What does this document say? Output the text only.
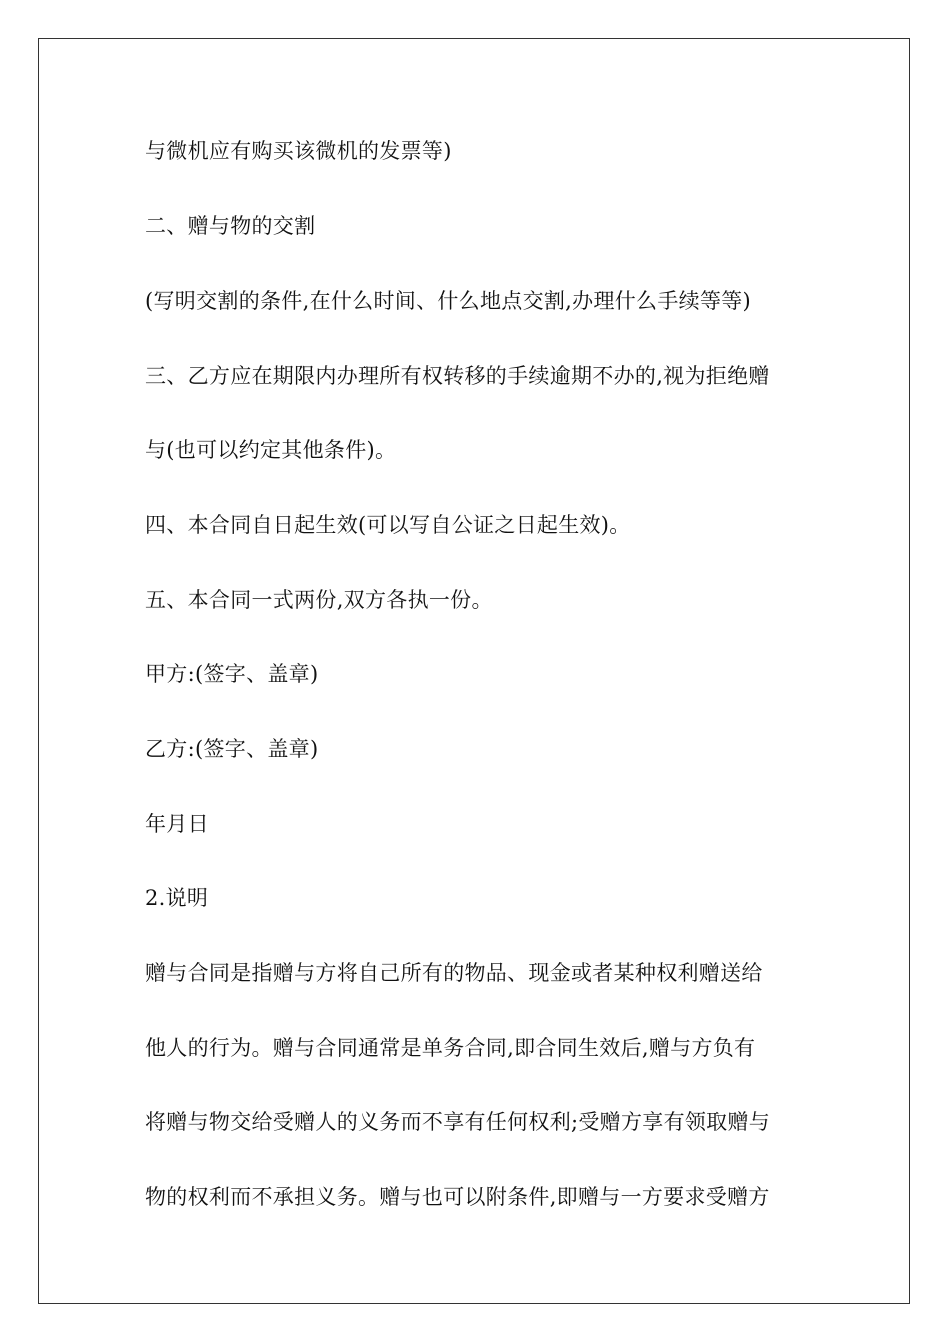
与微机应有购买该微机的发票等)
二、赠与物的交割
(写明交割的条件,在什么时间、什么地点交割,办理什么手续等等)
三、乙方应在期限内办理所有权转移的手续逾期不办的,视为拒绝赠
与(也可以约定其他条件)。
四、本合同自日起生效(可以写自公证之日起生效)。
五、本合同一式两份,双方各执一份。
甲方:(签字、盖章)
乙方:(签字、盖章)
年月日
2.说明
赠与合同是指赠与方将自己所有的物品、现金或者某种权利赠送给
他人的行为。赠与合同通常是单务合同,即合同生效后,赠与方负有
将赠与物交给受赠人的义务而不享有任何权利;受赠方享有领取赠与
物的权利而不承担义务。赠与也可以附条件,即赠与一方要求受赠方
